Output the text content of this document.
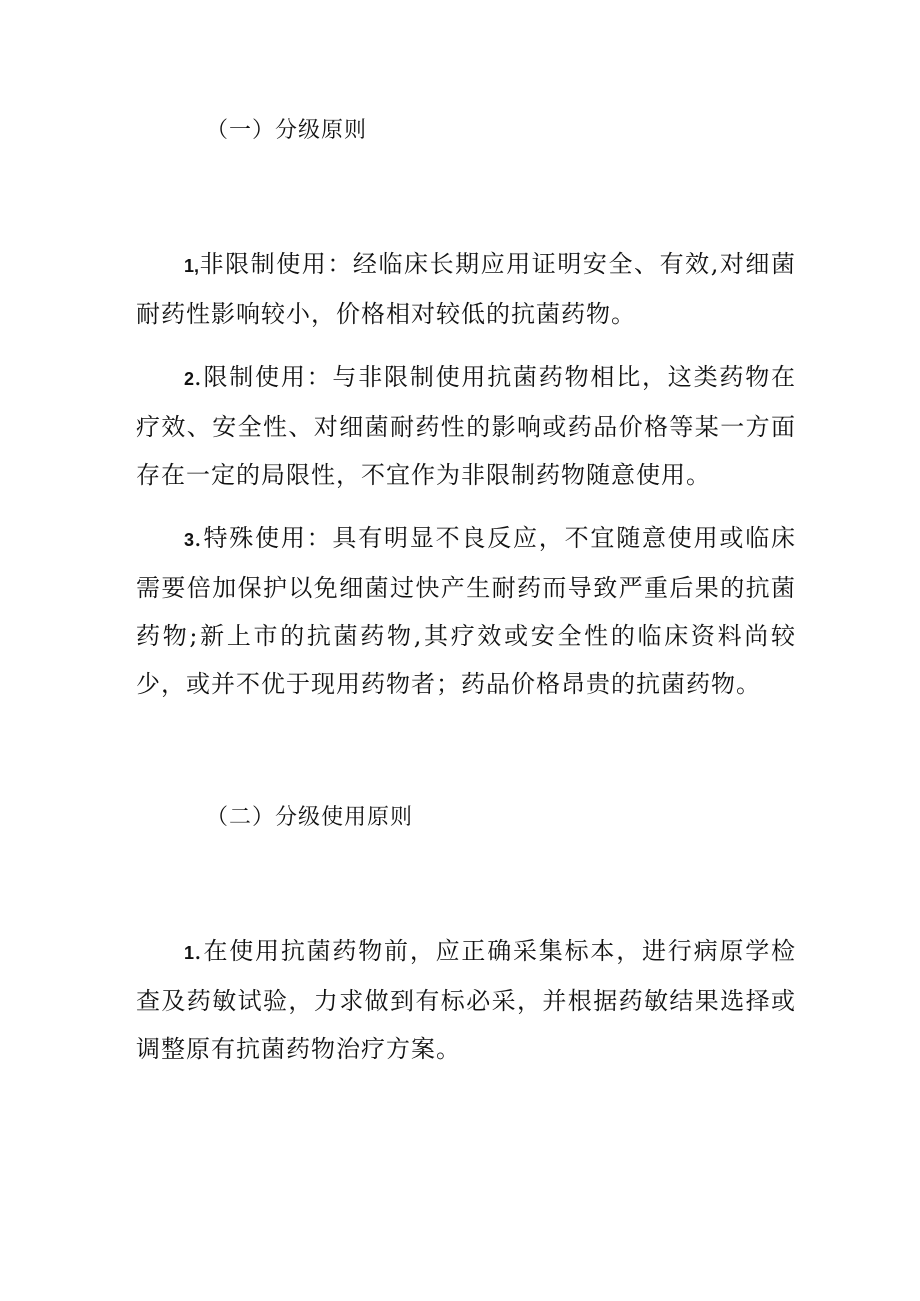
（一）分级原则

1,非限制使用：经临床长期应用证明安全、有效,对细菌耐药性影响较小，价格相对较低的抗菌药物。

2.限制使用：与非限制使用抗菌药物相比，这类药物在疗效、安全性、对细菌耐药性的影响或药品价格等某一方面存在一定的局限性，不宜作为非限制药物随意使用。

3.特殊使用：具有明显不良反应，不宜随意使用或临床需要倍加保护以免细菌过快产生耐药而导致严重后果的抗菌药物;新上市的抗菌药物,其疗效或安全性的临床资料尚较少，或并不优于现用药物者；药品价格昂贵的抗菌药物。

（二）分级使用原则

1.在使用抗菌药物前，应正确采集标本，进行病原学检查及药敏试验，力求做到有标必采，并根据药敏结果选择或调整原有抗菌药物治疗方案。
